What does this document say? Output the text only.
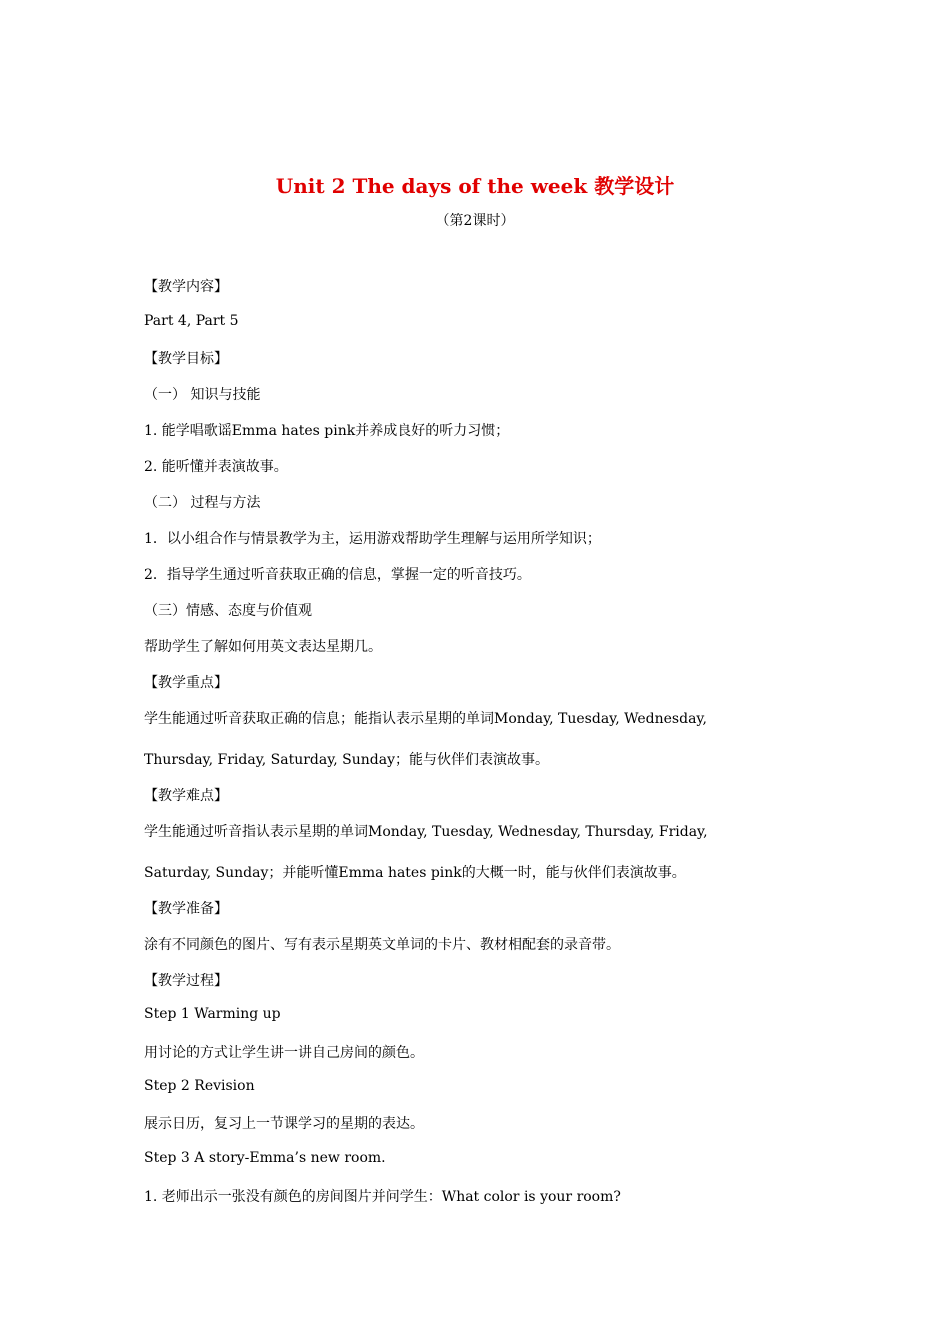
Unit 2 The days of the week 教学设计
（第2课时）
【教学内容】
Part 4, Part 5
【教学目标】
（一） 知识与技能
1. 能学唱歌谣Emma hates pink并养成良好的听力习惯；
2. 能听懂并表演故事。
（二） 过程与方法
1．以小组合作与情景教学为主，运用游戏帮助学生理解与运用所学知识；
2．指导学生通过听音获取正确的信息，掌握一定的听音技巧。
（三）情感、态度与价值观
帮助学生了解如何用英文表达星期几。
【教学重点】
学生能通过听音获取正确的信息；能指认表示星期的单词Monday, Tuesday, Wednesday,
Thursday, Friday, Saturday, Sunday；能与伙伴们表演故事。
【教学难点】
学生能通过听音指认表示星期的单词Monday, Tuesday, Wednesday, Thursday, Friday,
Saturday, Sunday；并能听懂Emma hates pink的大概一时，能与伙伴们表演故事。
【教学准备】
涂有不同颜色的图片、写有表示星期英文单词的卡片、教材相配套的录音带。
【教学过程】
Step 1 Warming up
用讨论的方式让学生讲一讲自己房间的颜色。
Step 2 Revision
展示日历，复习上一节课学习的星期的表达。
Step 3 A story-Emma’s new room.
1. 老师出示一张没有颜色的房间图片并问学生：What color is your room?
